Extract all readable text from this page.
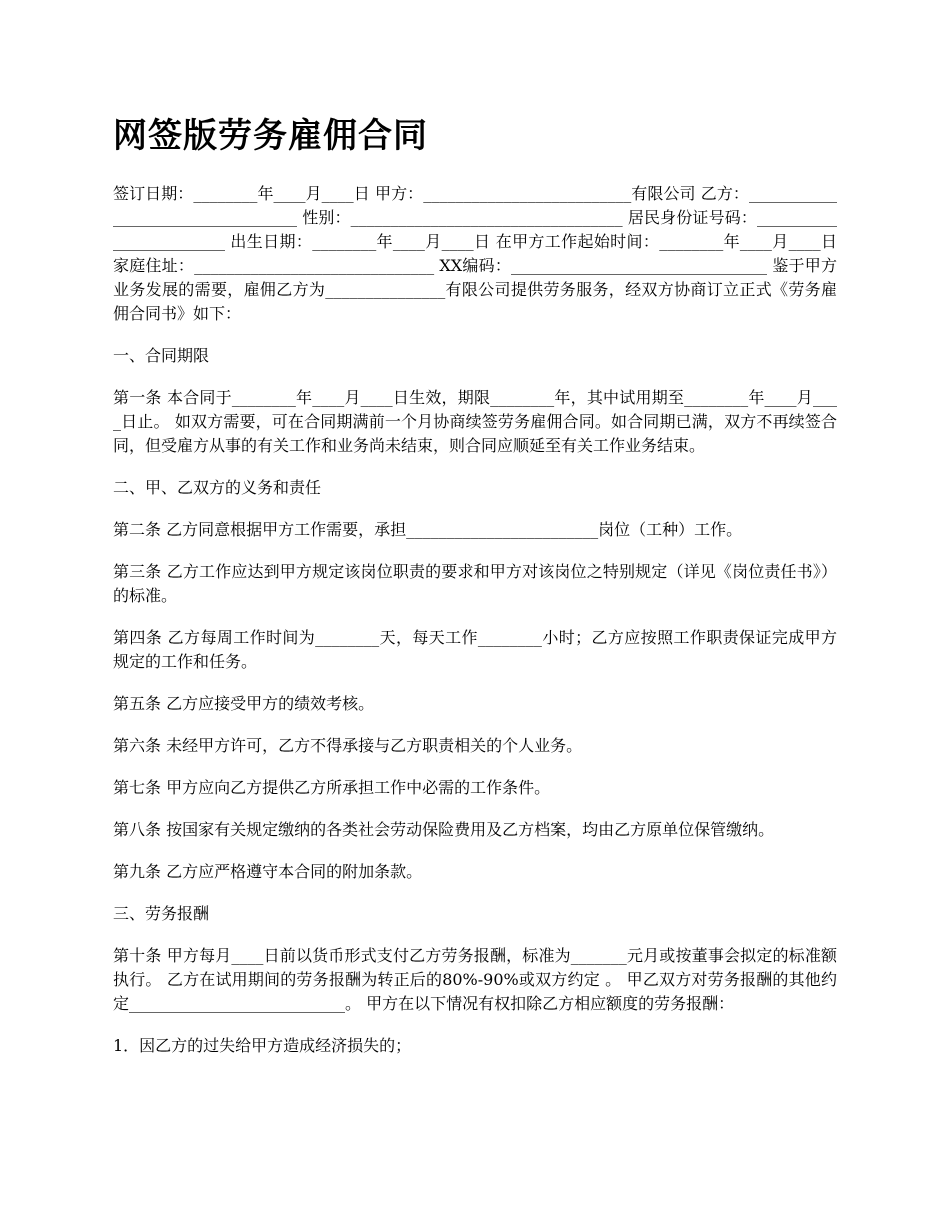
网签版劳务雇佣合同

签订日期：________年____月____日 甲方：__________________________有限公司 乙方：__________________________________ 性别：__________________________________ 居民身份证号码：________________________ 出生日期：________年____月____日 在甲方工作起始时间：________年____月____日 家庭住址：______________________________ XX编码：________________________________ 鉴于甲方业务发展的需要，雇佣乙方为_______________有限公司提供劳务服务，经双方协商订立正式《劳务雇佣合同书》如下：

一、合同期限

第一条 本合同于________年____月____日生效，期限________年，其中试用期至________年____月____日止。 如双方需要，可在合同期满前一个月协商续签劳务雇佣合同。如合同期已满，双方不再续签合同，但受雇方从事的有关工作和业务尚未结束，则合同应顺延至有关工作业务结束。

二、甲、乙双方的义务和责任

第二条 乙方同意根据甲方工作需要，承担________________________岗位（工种）工作。

第三条 乙方工作应达到甲方规定该岗位职责的要求和甲方对该岗位之特别规定（详见《岗位责任书》）的标准。

第四条 乙方每周工作时间为________天，每天工作________小时；乙方应按照工作职责保证完成甲方规定的工作和任务。

第五条 乙方应接受甲方的绩效考核。

第六条 未经甲方许可，乙方不得承接与乙方职责相关的个人业务。

第七条 甲方应向乙方提供乙方所承担工作中必需的工作条件。

第八条 按国家有关规定缴纳的各类社会劳动保险费用及乙方档案，均由乙方原单位保管缴纳。

第九条 乙方应严格遵守本合同的附加条款。

三、劳务报酬

第十条 甲方每月____日前以货币形式支付乙方劳务报酬，标准为_______元月或按董事会拟定的标准额执行。 乙方在试用期间的劳务报酬为转正后的80%-90%或双方约定 。 甲乙双方对劳务报酬的其他约定___________________________。 甲方在以下情况有权扣除乙方相应额度的劳务报酬：

1．因乙方的过失给甲方造成经济损失的；
